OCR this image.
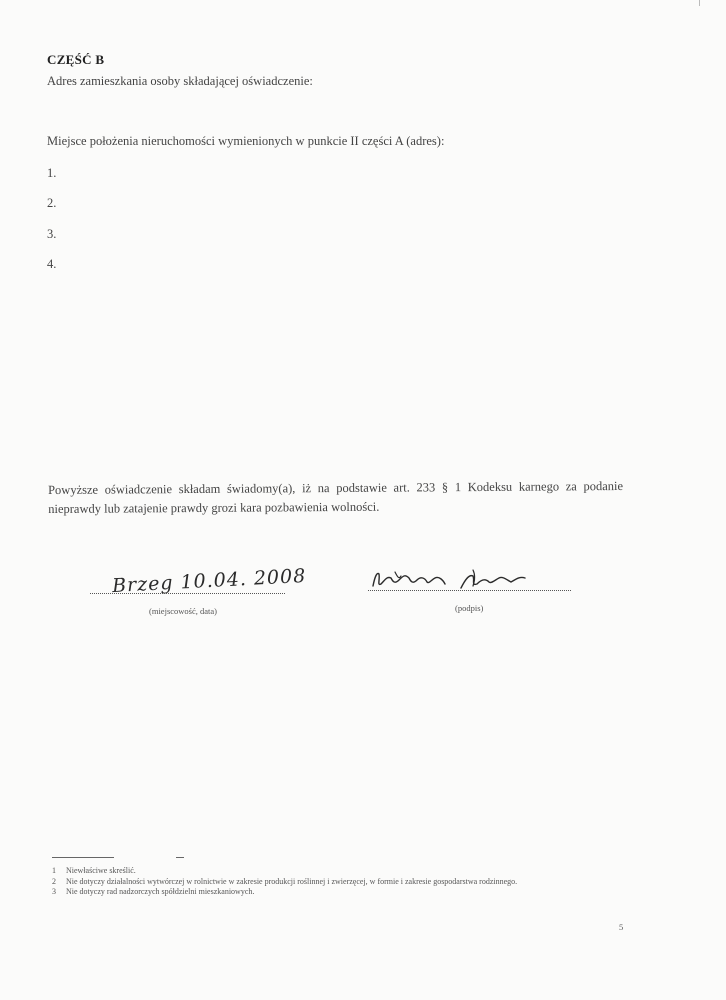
CZĘŚĆ B
Adres zamieszkania osoby składającej oświadczenie:
Miejsce położenia nieruchomości wymienionych w punkcie II części A (adres):
1.
2.
3.
4.
Powyższe oświadczenie składam świadomy(a), iż na podstawie art. 233 § 1 Kodeksu karnego za podanie nieprawdy lub zatajenie prawdy grozi kara pozbawienia wolności.
Brzeg 10.04. 2008
(miejscowość, data)	(podpis)
1 Niewłaściwe skreślić.
2 Nie dotyczy działalności wytwórczej w rolnictwie w zakresie produkcji roślinnej i zwierzęcej, w formie i zakresie gospodarstwa rodzinnego.
3 Nie dotyczy rad nadzorczych spółdzielni mieszkaniowych.
5
